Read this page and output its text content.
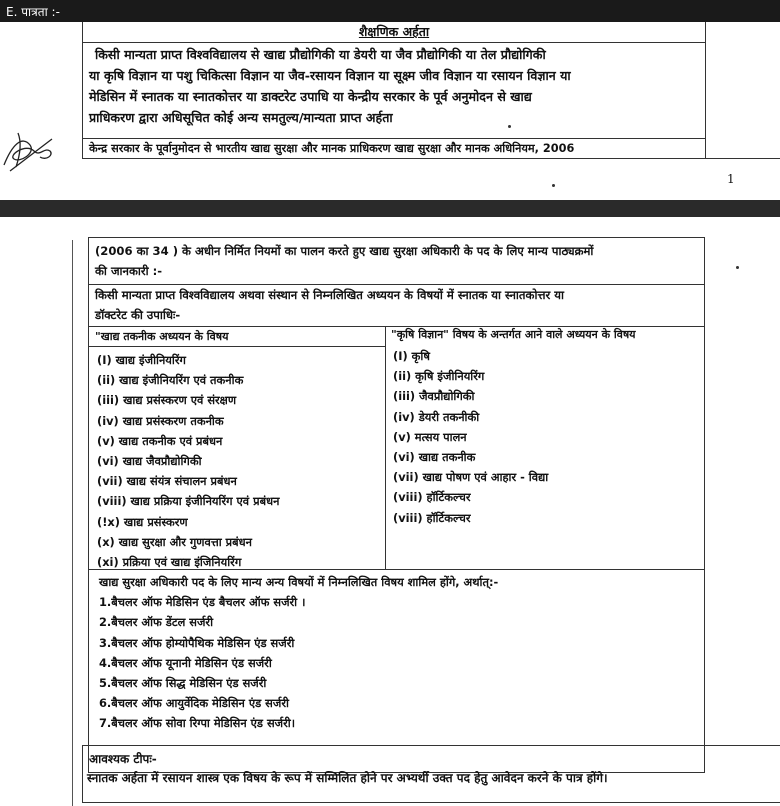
E. पात्रता :-
शैक्षणिक अर्हता
किसी मान्यता प्राप्त विश्वविद्यालय से खाद्य प्रौद्योगिकी या डेयरी या जैव प्रौद्योगिकी या तेल प्रौद्योगिकी
या कृषि विज्ञान या पशु चिकित्सा विज्ञान या जैव-रसायन विज्ञान या सूक्ष्म जीव विज्ञान या रसायन विज्ञान या
मेडिसिन में स्नातक या स्नातकोत्तर या डाक्टरेट उपाधि या केन्द्रीय सरकार के पूर्व अनुमोदन से खाद्य
प्राधिकरण द्वारा अधिसूचित कोई अन्य समतुल्य/मान्यता प्राप्त अर्हता
केन्द्र सरकार के पूर्वानुमोदन से भारतीय खाद्य सुरक्षा और मानक प्राधिकरण खाद्य सुरक्षा और मानक अधिनियम, 2006
1
(2006 का 34 ) के अधीन निर्मित नियमों का पालन करते हुए खाद्य सुरक्षा अधिकारी के पद के लिए मान्य पाठ्यक्रमों
की जानकारी :-
किसी मान्यता प्राप्त विश्वविद्यालय अथवा संस्थान से निम्नलिखित अध्ययन के विषयों में स्नातक या स्नातकोत्तर या
डॉक्टरेट की उपाधिः-
"खाद्य तकनीक अध्ययन के विषय	"कृषि विज्ञान" विषय के अन्तर्गत आने वाले अध्ययन के विषय
(I) खाद्य इंजीनियरिंग
(ii) खाद्य इंजीनियरिंग एवं तकनीक
(iii) खाद्य प्रसंस्करण एवं संरक्षण
(iv) खाद्य प्रसंस्करण तकनीक
(v) खाद्य तकनीक एवं प्रबंधन
(vi) खाद्य जैवप्रौद्योगिकी
(vii) खाद्य संयंत्र संचालन प्रबंधन
(viii) खाद्य प्रक्रिया इंजीनियरिंग एवं प्रबंधन
(!x) खाद्य प्रसंस्करण
(x) खाद्य सुरक्षा और गुणवत्ता प्रबंधन
(xi) प्रक्रिया एवं खाद्य इंजिनियरिंग
(I) कृषि
(ii) कृषि इंजीनियरिंग
(iii) जैवप्रौद्योगिकी
(iv) डेयरी तकनीकी
(v) मत्सय पालन
(vi) खाद्य तकनीक
(vii) खाद्य पोषण एवं आहार - विद्या
(viii) हॉर्टिकल्चर
(viii) हॉर्टिकल्चर
खाद्य सुरक्षा अधिकारी पद के लिए मान्य अन्य विषयों में निम्नलिखित विषय शामिल होंगे, अर्थात्:-
1.बैचलर ऑफ मेडिसिन एंड बैचलर ऑफ सर्जरी ।
2.बैचलर ऑफ डेंटल सर्जरी
3.बैचलर ऑफ होम्योपैथिक मेडिसिन एंड सर्जरी
4.बैचलर ऑफ यूनानी मेडिसिन एंड सर्जरी
5.बैचलर ऑफ सिद्ध मेडिसिन एंड सर्जरी
6.बैचलर ऑफ आयुर्वेदिक मेडिसिन एंड सर्जरी
7.बैचलर ऑफ सोवा रिग्पा मेडिसिन एंड सर्जरी।
आवश्यक टीपः-
स्नातक अर्हता में रसायन शास्त्र एक विषय के रूप में सम्मिलित होने पर अभ्यर्थी उक्त पद हेतु आवेदन करने के पात्र होंगे।
